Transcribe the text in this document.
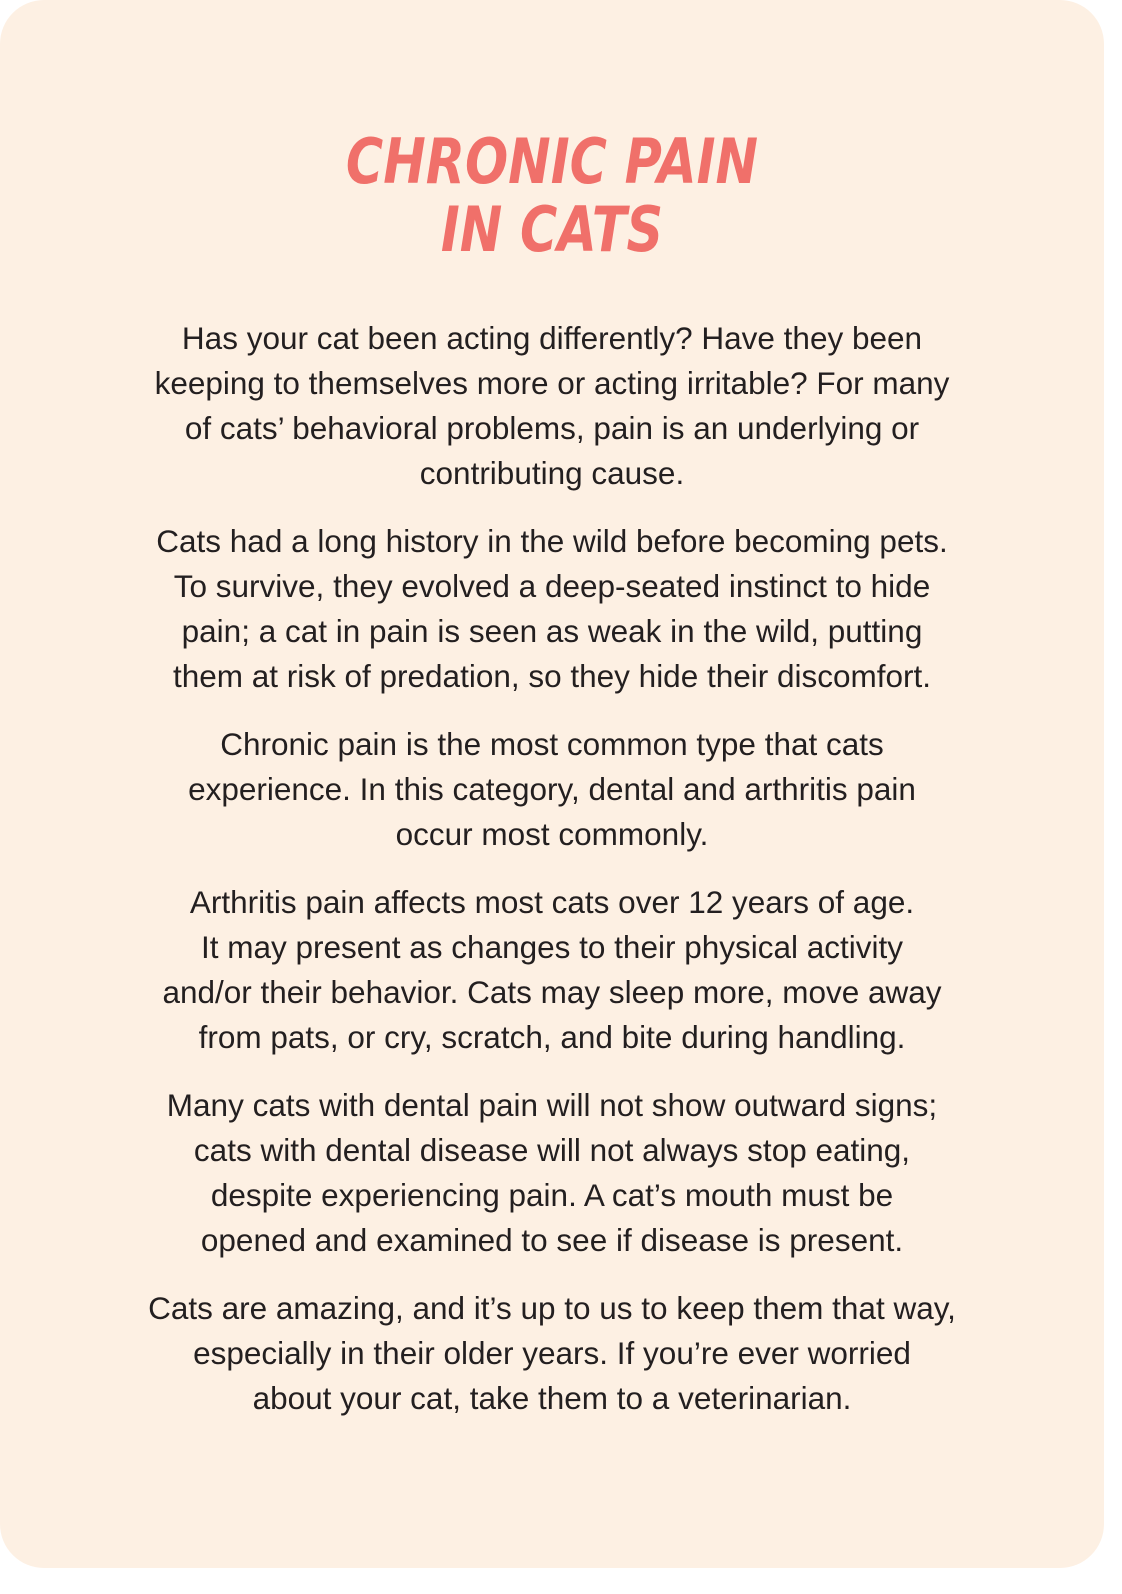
CHRONIC PAIN
IN CATS

Has your cat been acting differently? Have they been
keeping to themselves more or acting irritable? For many
of cats’ behavioral problems, pain is an underlying or
contributing cause.

Cats had a long history in the wild before becoming pets.
To survive, they evolved a deep-seated instinct to hide
pain; a cat in pain is seen as weak in the wild, putting
them at risk of predation, so they hide their discomfort.

Chronic pain is the most common type that cats
experience. In this category, dental and arthritis pain
occur most commonly.

Arthritis pain affects most cats over 12 years of age.
It may present as changes to their physical activity
and/or their behavior. Cats may sleep more, move away
from pats, or cry, scratch, and bite during handling.

Many cats with dental pain will not show outward signs;
cats with dental disease will not always stop eating,
despite experiencing pain. A cat’s mouth must be
opened and examined to see if disease is present.

Cats are amazing, and it’s up to us to keep them that way,
especially in their older years. If you’re ever worried
about your cat, take them to a veterinarian.
